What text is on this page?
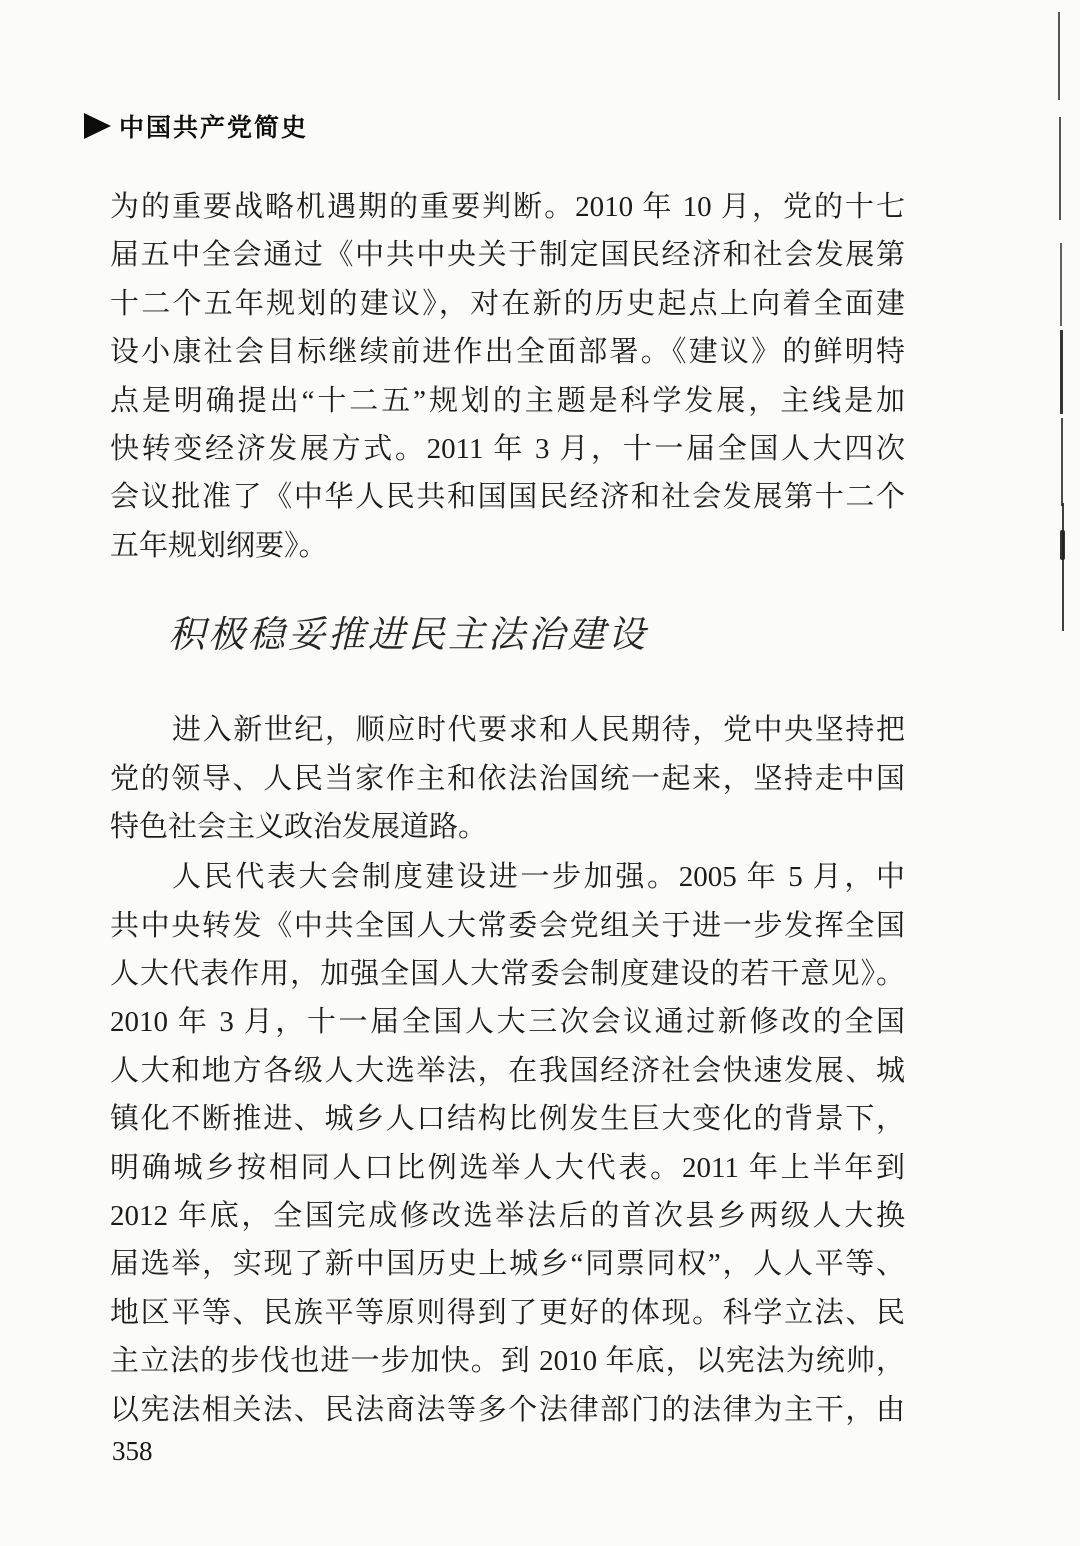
中国共产党简史
为的重要战略机遇期的重要判断。2010 年 10 月，党的十七
届五中全会通过《中共中央关于制定国民经济和社会发展第
十二个五年规划的建议》，对在新的历史起点上向着全面建
设小康社会目标继续前进作出全面部署。《建议》的鲜明特
点是明确提出“十二五”规划的主题是科学发展，主线是加
快转变经济发展方式。2011 年 3 月，十一届全国人大四次
会议批准了《中华人民共和国国民经济和社会发展第十二个
五年规划纲要》。
积极稳妥推进民主法治建设
进入新世纪，顺应时代要求和人民期待，党中央坚持把
党的领导、人民当家作主和依法治国统一起来，坚持走中国
特色社会主义政治发展道路。
人民代表大会制度建设进一步加强。2005 年 5 月，中
共中央转发《中共全国人大常委会党组关于进一步发挥全国
人大代表作用，加强全国人大常委会制度建设的若干意见》。
2010 年 3 月，十一届全国人大三次会议通过新修改的全国
人大和地方各级人大选举法，在我国经济社会快速发展、城
镇化不断推进、城乡人口结构比例发生巨大变化的背景下，
明确城乡按相同人口比例选举人大代表。2011 年上半年到
2012 年底，全国完成修改选举法后的首次县乡两级人大换
届选举，实现了新中国历史上城乡“同票同权”，人人平等、
地区平等、民族平等原则得到了更好的体现。科学立法、民
主立法的步伐也进一步加快。到 2010 年底，以宪法为统帅，
以宪法相关法、民法商法等多个法律部门的法律为主干，由
358
